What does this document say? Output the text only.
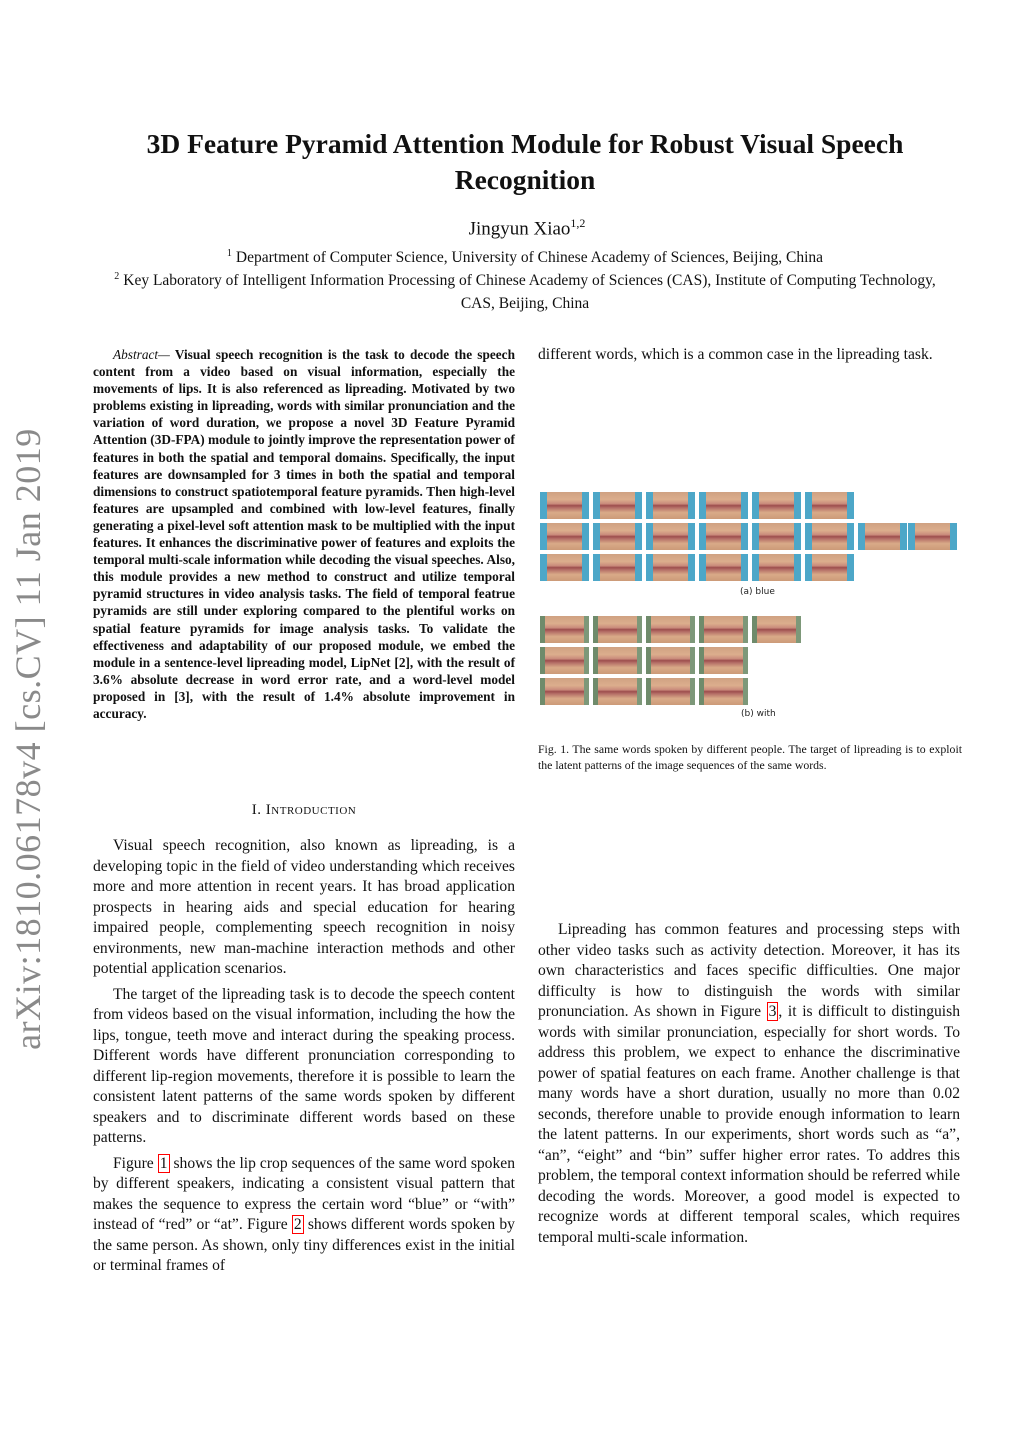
arXiv:1810.06178v4 [cs.CV] 11 Jan 2019
3D Feature Pyramid Attention Module for Robust Visual Speech Recognition
Jingyun Xiao$^{1,2}$
$^1$ Department of Computer Science, University of Chinese Academy of Sciences, Beijing, China
$^2$ Key Laboratory of Intelligent Information Processing of Chinese Academy of Sciences (CAS), Institute of Computing Technology, CAS, Beijing, China

Abstract— Visual speech recognition is the task to decode the speech content from a video based on visual information, especially the movements of lips. It is also referenced as lipreading. Motivated by two problems existing in lipreading, words with similar pronunciation and the variation of word duration, we propose a novel 3D Feature Pyramid Attention (3D-FPA) module to jointly improve the representation power of features in both the spatial and temporal domains. Specifically, the input features are downsampled for 3 times in both the spatial and temporal dimensions to construct spatiotemporal feature pyramids. Then high-level features are upsampled and combined with low-level features, finally generating a pixel-level soft attention mask to be multiplied with the input features. It enhances the discriminative power of features and exploits the temporal multi-scale information while decoding the visual speeches. Also, this module provides a new method to construct and utilize temporal pyramid structures in video analysis tasks. The field of temporal featrue pyramids are still under exploring compared to the plentiful works on spatial feature pyramids for image analysis tasks. To validate the effectiveness and adaptability of our proposed module, we embed the module in a sentence-level lipreading model, LipNet [2], with the result of 3.6% absolute decrease in word error rate, and a word-level model proposed in [3], with the result of 1.4% absolute improvement in accuracy.

I. Introduction

Visual speech recognition, also known as lipreading, is a developing topic in the field of video understanding which receives more and more attention in recent years. It has broad application prospects in hearing aids and special education for hearing impaired people, complementing speech recognition in noisy environments, new man-machine interaction methods and other potential application scenarios.

The target of the lipreading task is to decode the speech content from videos based on the visual information, including the how the lips, tongue, teeth move and interact during the speaking process. Different words have different pronunciation corresponding to different lip-region movements, therefore it is possible to learn the consistent latent patterns of the same words spoken by different speakers and to discriminate different words based on these patterns.

Figure 1 shows the lip crop sequences of the same word spoken by different speakers, indicating a consistent visual pattern that makes the sequence to express the certain word “blue” or “with” instead of “red” or “at”. Figure 2 shows different words spoken by the same person. As shown, only tiny differences exist in the initial or terminal frames of

different words, which is a common case in the lipreading task.

(a) blue
(b) with

Fig. 1. The same words spoken by different people. The target of lipreading is to exploit the latent patterns of the image sequences of the same words.

Lipreading has common features and processing steps with other video tasks such as activity detection. Moreover, it has its own characteristics and faces specific difficulties. One major difficulty is how to distinguish the words with similar pronunciation. As shown in Figure 3 , it is difficult to distinguish words with similar pronunciation, especially for short words. To address this problem, we expect to enhance the discriminative power of spatial features on each frame. Another challenge is that many words have a short duration, usually no more than 0.02 seconds, therefore unable to provide enough information to learn the latent patterns. In our experiments, short words such as “a”, “an”, “eight” and “bin” suffer higher error rates. To addres this problem, the temporal context information should be referred while decoding the words. Moreover, a good model is expected to recognize words at different temporal scales, which requires temporal multi-scale information.
